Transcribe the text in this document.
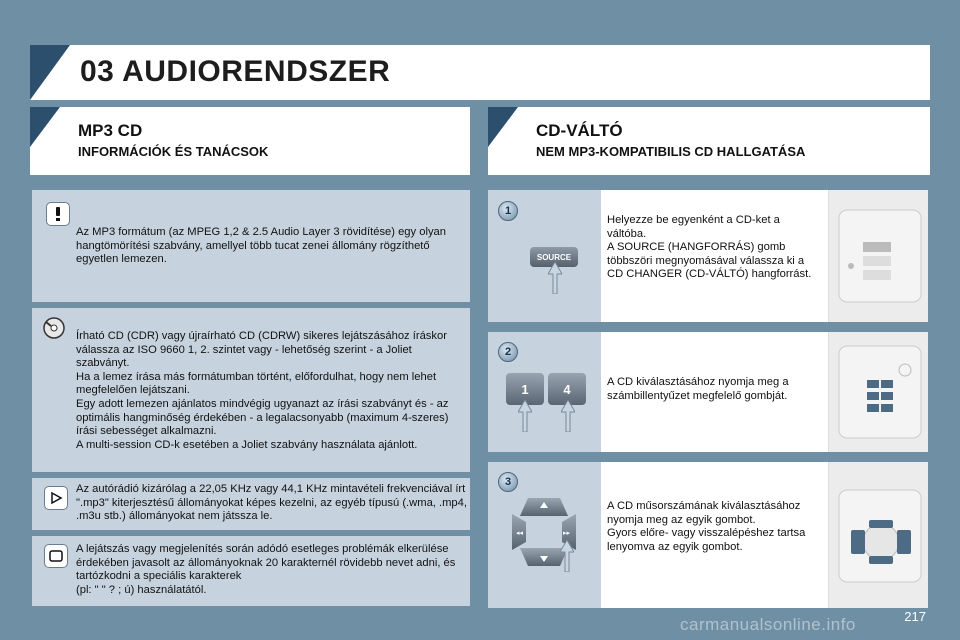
03 AUDIORENDSZER
MP3 CD
INFORMÁCIÓK ÉS TANÁCSOK
CD-VÁLTÓ
NEM MP3-KOMPATIBILIS CD HALLGATÁSA
Az MP3 formátum (az MPEG 1,2 & 2.5 Audio Layer 3 rövidítése) egy olyan hangtömörítési szabvány, amellyel több tucat zenei állomány rögzíthető egyetlen lemezen.
Írható CD (CDR) vagy újraírható CD (CDRW) sikeres lejátszásához íráskor válassza az ISO 9660 1, 2. szintet vagy - lehetőség szerint - a Joliet szabványt.
Ha a lemez írása más formátumban történt, előfordulhat, hogy nem lehet megfelelően lejátszani.
Egy adott lemezen ajánlatos mindvégig ugyanazt az írási szabványt és - az optimális hangminőség érdekében - a legalacsonyabb (maximum 4-szeres) írási sebességet alkalmazni.
A multi-session CD-k esetében a Joliet szabvány használata ajánlott.
Az autórádió kizárólag a 22,05 KHz vagy 44,1 KHz mintavételi frekvenciával írt ".mp3" kiterjesztésű állományokat képes kezelni, az egyéb típusú (.wma, .mp4, .m3u stb.) állományokat nem játssza le.
A lejátszás vagy megjelenítés során adódó esetleges problémák elkerülése érdekében javasolt az állományoknak 20 karakternél rövidebb nevet adni, és tartózkodni a speciális karakterek
(pl: " " ? ; ú) használatától.
1
SOURCE
Helyezze be egyenként a CD-ket a váltóba.
A SOURCE (HANGFORRÁS) gomb többszöri megnyomásával válassza ki a CD CHANGER (CD-VÁLTÓ) hangforrást.
2
1	4	A CD kiválasztásához nyomja meg a számbillentyűzet megfelelő gombját.
3
◂◂	▸▸
A CD műsorszámának kiválasztásához nyomja meg az egyik gombot.
Gyors előre- vagy visszalépéshez tartsa lenyomva az egyik gombot.
217
carmanualsonline.info
